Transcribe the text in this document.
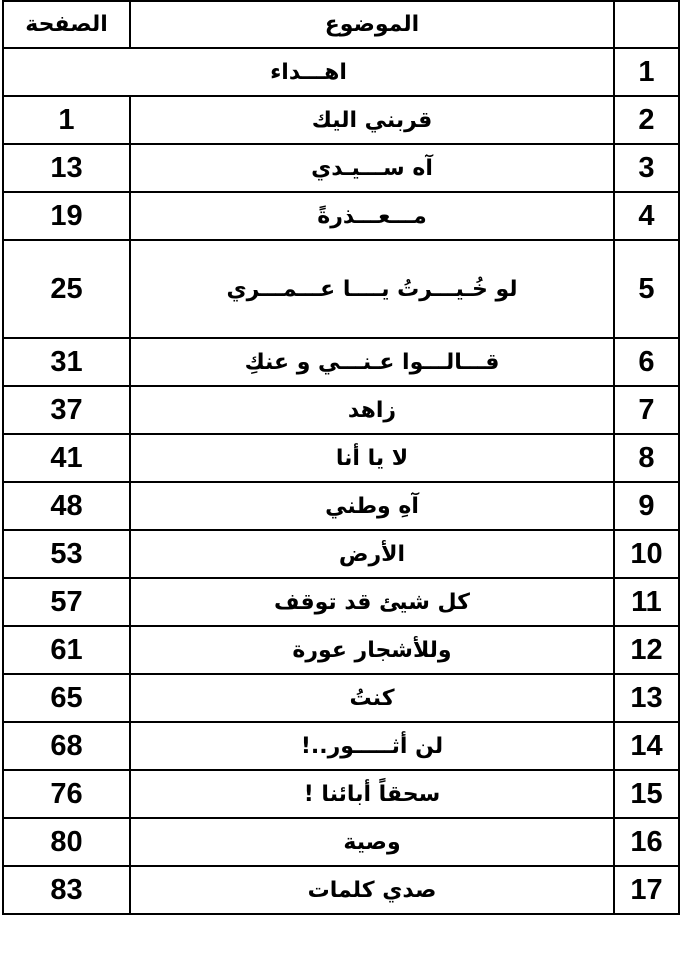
الصفحة	الموضوع	
اهـــداء		1
1	قربني اليك	2
13	آه ســـيـدي	3
19	مـــعـــذرةً	4
25	لو خُـيـــرتُ يــــا عـــمـــري	5
31	قـــالـــوا عـنـــي و عنكِ	6
37	زاهد	7
41	لا يا أنا	8
48	آهِ وطني	9
53	الأرض	10
57	كل شيئ قد توقف	11
61	وللأشجار عورة	12
65	كنتُ	13
68	لن أثـــــور..!	14
76	سحقاً أبائنا !	15
80	وصية	16
83	صدي كلمات	17
